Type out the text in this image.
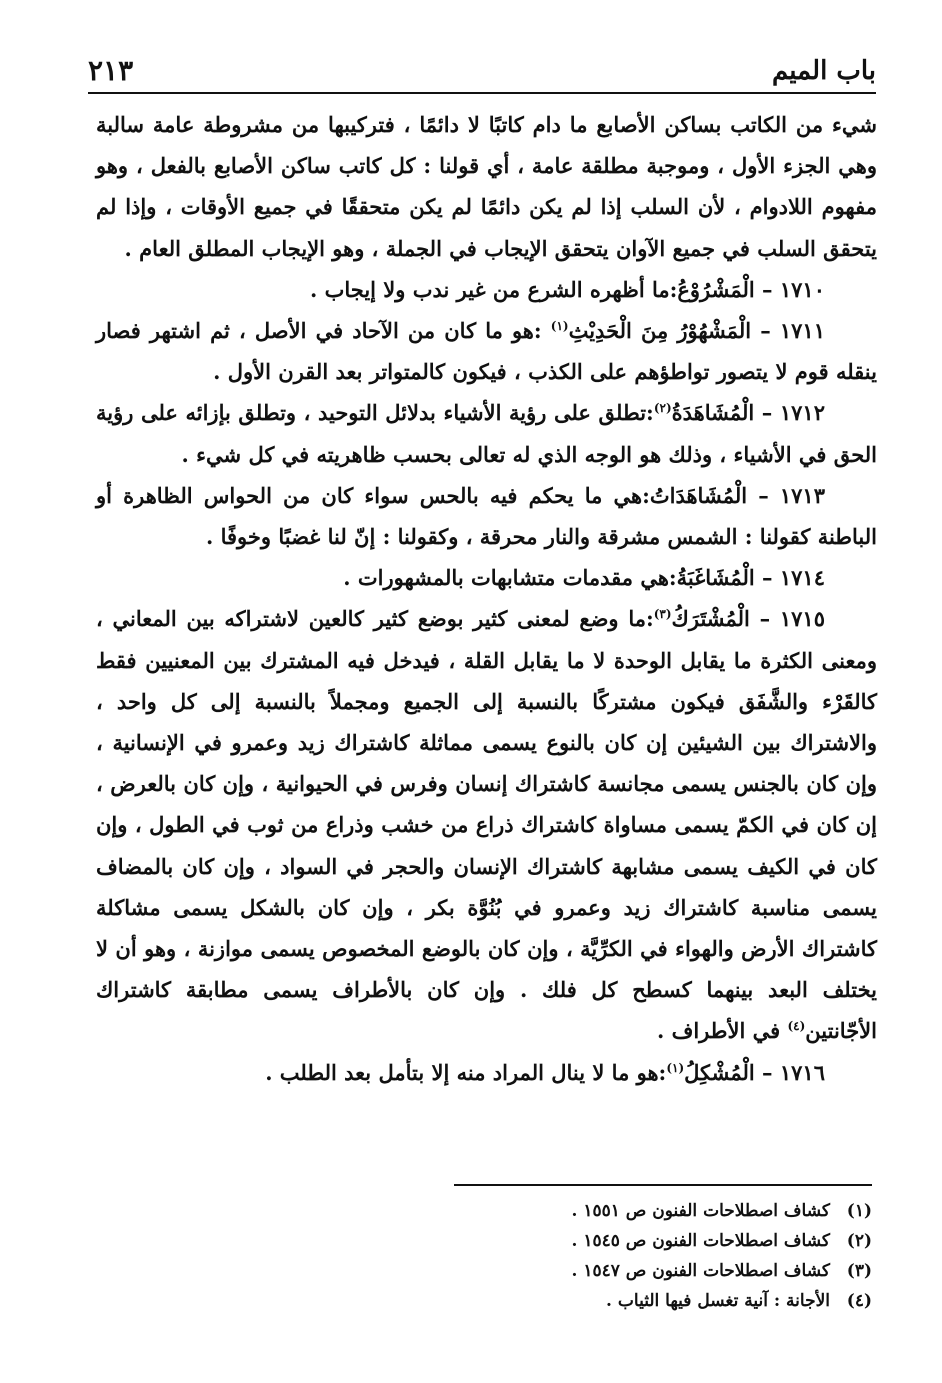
باب الميم
٢١٣

شيء من الكاتب بساكن الأصابع ما دام كاتبًا لا دائمًا ، فتركيبها من مشروطة عامة سالبة وهي الجزء الأول ، وموجبة مطلقة عامة ، أي قولنا : كل كاتب ساكن الأصابع بالفعل ، وهو مفهوم اللادوام ، لأن السلب إذا لم يكن دائمًا لم يكن متحققًا في جميع الأوقات ، وإذا لم يتحقق السلب في جميع الآوان يتحقق الإيجاب في الجملة ، وهو الإيجاب المطلق العام .

١٧١٠ – الْمَشْرُوْعُ:ما أظهره الشرع من غير ندب ولا إيجاب .

١٧١١ – الْمَشْهُوْرُ مِنَ الْحَدِيْثِ$^{(١)}$ :هو ما كان من الآحاد في الأصل ، ثم اشتهر فصار ينقله قوم لا يتصور تواطؤهم على الكذب ، فيكون كالمتواتر بعد القرن الأول .

١٧١٢ – الْمُشَاهَدَةُ$^{(٢)}$:تطلق على رؤية الأشياء بدلائل التوحيد ، وتطلق بإزائه على رؤية الحق في الأشياء ، وذلك هو الوجه الذي له تعالى بحسب ظاهريته في كل شيء .

١٧١٣ – الْمُشَاهَدَاتُ:هي ما يحكم فيه بالحس سواء كان من الحواس الظاهرة أو الباطنة كقولنا : الشمس مشرقة والنار محرقة ، وكقولنا : إنّ لنا غضبًا وخوفًا .

١٧١٤ – الْمُشَاغَبَةُ:هي مقدمات متشابهات بالمشهورات .

١٧١٥ – الْمُشْتَرَكُ$^{(٣)}$:ما وضع لمعنى كثير بوضع كثير كالعين لاشتراكه بين المعاني ، ومعنى الكثرة ما يقابل الوحدة لا ما يقابل القلة ، فيدخل فيه المشترك بين المعنيين فقط كالقَرْء والشَّفَق فيكون مشتركًا بالنسبة إلى الجميع ومجملاً بالنسبة إلى كل واحد ، والاشتراك بين الشيئين إن كان بالنوع يسمى مماثلة كاشتراك زيد وعمرو في الإنسانية ، وإن كان بالجنس يسمى مجانسة كاشتراك إنسان وفرس في الحيوانية ، وإن كان بالعرض ، إن كان في الكمّ يسمى مساواة كاشتراك ذراع من خشب وذراع من ثوب في الطول ، وإن كان في الكيف يسمى مشابهة كاشتراك الإنسان والحجر في السواد ، وإن كان بالمضاف يسمى مناسبة كاشتراك زيد وعمرو في بُنُوَّة بكر ، وإن كان بالشكل يسمى مشاكلة كاشتراك الأرض والهواء في الكرِّيَّة ، وإن كان بالوضع المخصوص يسمى موازنة ، وهو أن لا يختلف البعد بينهما كسطح كل فلك . وإن كان بالأطراف يسمى مطابقة كاشتراك الأجّانتين$^{(٤)}$ في الأطراف .

١٧١٦ – الْمُشْكِلُ$^{(١)}$:هو ما لا ينال المراد منه إلا بتأمل بعد الطلب .

(١)كشاف اصطلاحات الفنون ص ١٥٥١ .
(٢)كشاف اصطلاحات الفنون ص ١٥٤٥ .
(٣)كشاف اصطلاحات الفنون ص ١٥٤٧ .
(٤)الأجانة : آنية تغسل فيها الثياب .
